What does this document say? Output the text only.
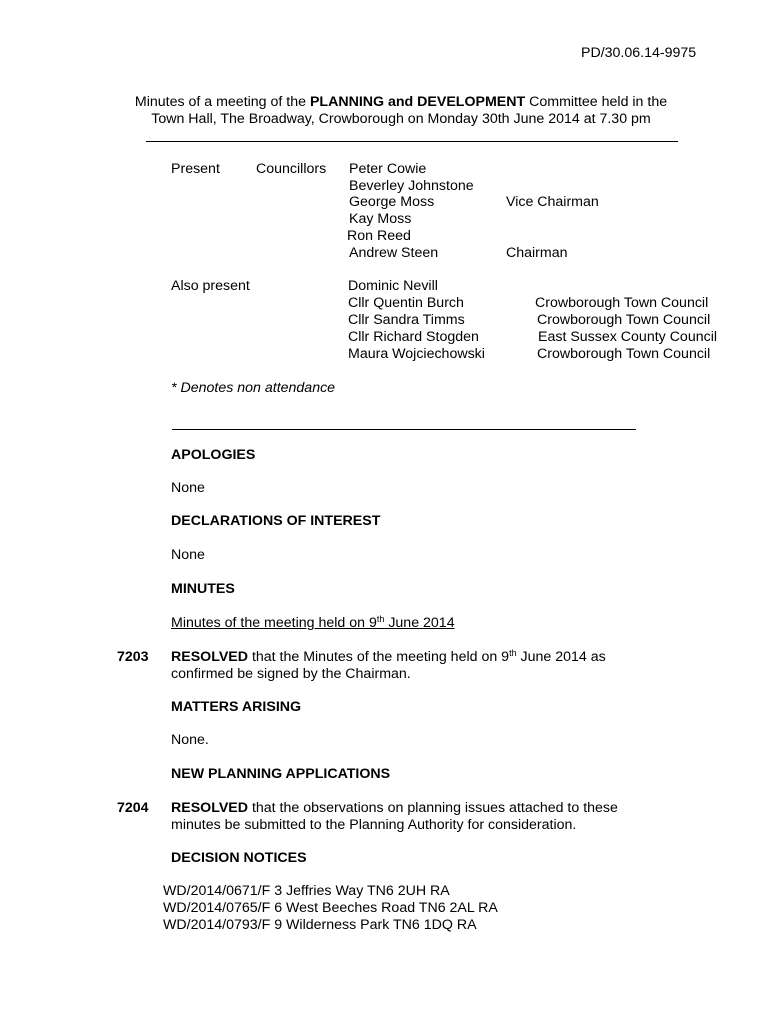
PD/30.06.14-9975
Minutes of a meeting of the PLANNING and DEVELOPMENT Committee held in the
Town Hall, The Broadway, Crowborough on Monday 30th June 2014 at 7.30 pm
Present	Councillors Peter Cowie
Beverley Johnstone
George Moss	Vice Chairman
Kay Moss
Ron Reed
Andrew Steen	Chairman
Also present	Dominic Nevill
Cllr Quentin Burch	Crowborough Town Council
Cllr Sandra Timms	Crowborough Town Council
Cllr Richard Stogden	East Sussex County Council
Maura Wojciechowski	Crowborough Town Council
* Denotes non attendance
APOLOGIES
None
DECLARATIONS OF INTEREST
None
MINUTES
Minutes of the meeting held on 9th June 2014
7203 RESOLVED that the Minutes of the meeting held on 9th June 2014 as
confirmed be signed by the Chairman.
MATTERS ARISING
None.
NEW PLANNING APPLICATIONS
7204 RESOLVED that the observations on planning issues attached to these
minutes be submitted to the Planning Authority for consideration.
DECISION NOTICES
WD/2014/0671/F 3 Jeffries Way TN6 2UH RA
WD/2014/0765/F 6 West Beeches Road TN6 2AL RA
WD/2014/0793/F 9 Wilderness Park TN6 1DQ RA
